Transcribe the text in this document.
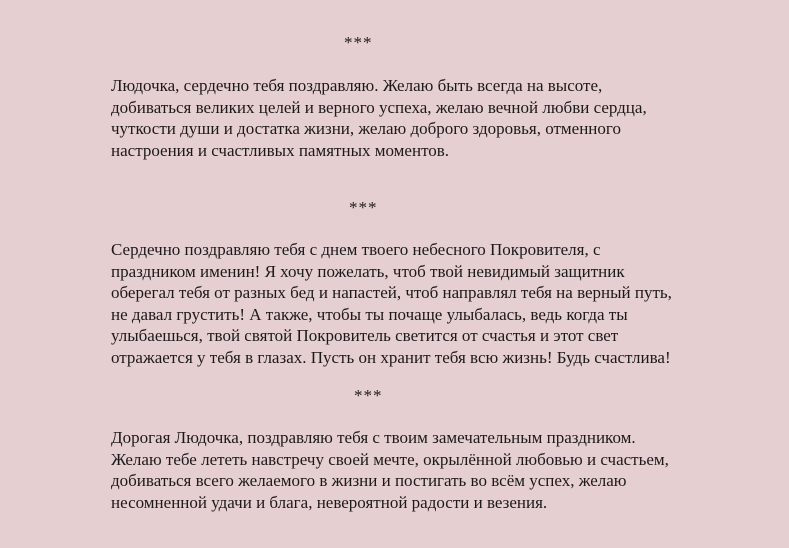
***
Людочка, сердечно тебя поздравляю. Желаю быть всегда на высоте,
добиваться великих целей и верного успеха, желаю вечной любви сердца,
чуткости души и достатка жизни, желаю доброго здоровья, отменного
настроения и счастливых памятных моментов.
***
Сердечно поздравляю тебя с днем твоего небесного Покровителя, с
праздником именин! Я хочу пожелать, чтоб твой невидимый защитник
оберегал тебя от разных бед и напастей, чтоб направлял тебя на верный путь,
не давал грустить! А также, чтобы ты почаще улыбалась, ведь когда ты
улыбаешься, твой святой Покровитель светится от счастья и этот свет
отражается у тебя в глазах. Пусть он хранит тебя всю жизнь! Будь счастлива!
***
Дорогая Людочка, поздравляю тебя с твоим замечательным праздником.
Желаю тебе лететь навстречу своей мечте, окрылённой любовью и счастьем,
добиваться всего желаемого в жизни и постигать во всём успех, желаю
несомненной удачи и блага, невероятной радости и везения.
